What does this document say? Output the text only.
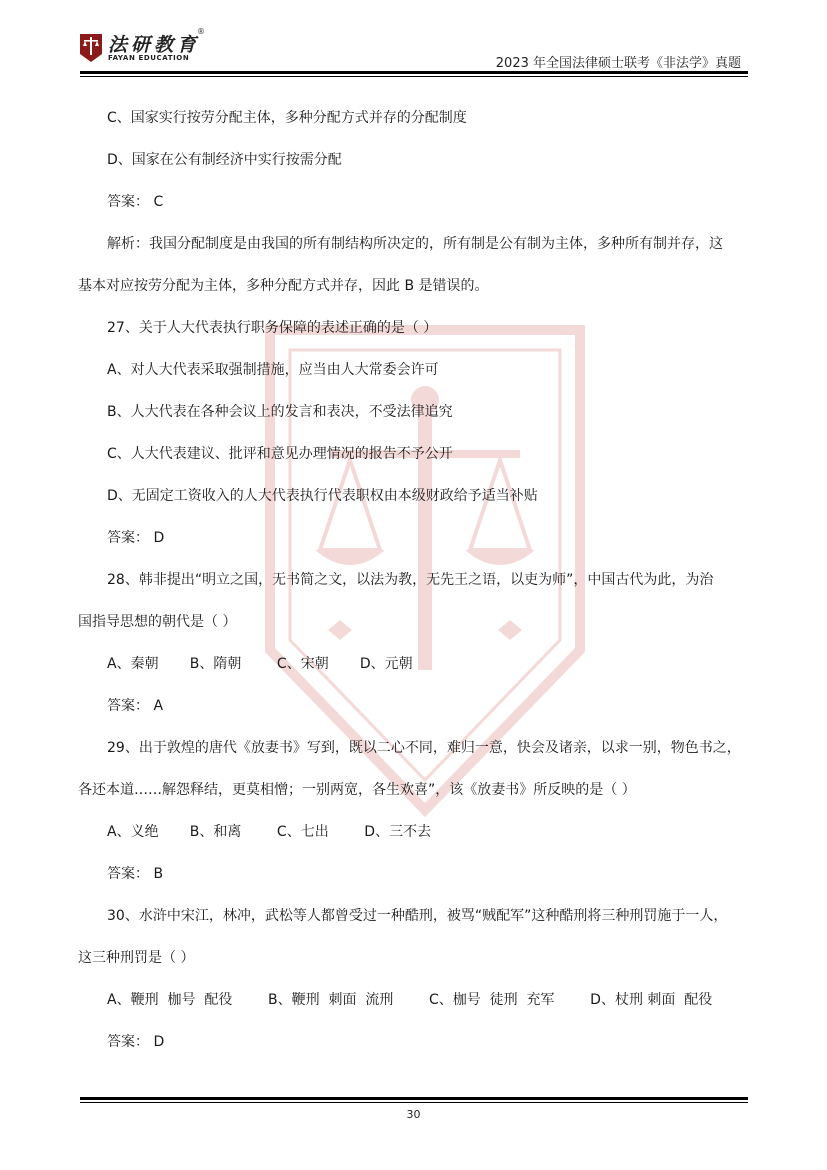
法研教育
®
FAYAN EDUCATION	2023 年全国法律硕士联考《非法学》真题
C、国家实行按劳分配主体，多种分配方式并存的分配制度
D、国家在公有制经济中实行按需分配
答案： C
解析：我国分配制度是由我国的所有制结构所决定的，所有制是公有制为主体，多种所有制并存，这
基本对应按劳分配为主体，多种分配方式并存，因此 B 是错误的。
27、关于人大代表执行职务保障的表述正确的是（ ）
A、对人大代表采取强制措施，应当由人大常委会许可
B、人大代表在各种会议上的发言和表决，不受法律追究
C、人大代表建议、批评和意见办理情况的报告不予公开
D、无固定工资收入的人大代表执行代表职权由本级财政给予适当补贴
答案： D
28、韩非提出“明立之国，无书简之文，以法为教，无先王之语，以吏为师”，中国古代为此，为治
国指导思想的朝代是（ ）
A、秦朝       B、隋朝        C、宋朝       D、元朝
答案： A
29、出于敦煌的唐代《放妻书》写到，既以二心不同，难归一意，快会及诸亲，以求一别，物色书之，
各还本道……解怨释结，更莫相憎；一别两宽，各生欢喜”，该《放妻书》所反映的是（ ）
A、义绝       B、和离        C、七出        D、三不去
答案： B
30、水浒中宋江，林冲，武松等人都曾受过一种酷刑，被骂“贼配军”这种酷刑将三种刑罚施于一人，
这三种刑罚是（ ）
A、鞭刑  枷号  配役        B、鞭刑  刺面  流刑        C、枷号  徒刑  充军        D、杖刑 刺面  配役
答案： D
30
